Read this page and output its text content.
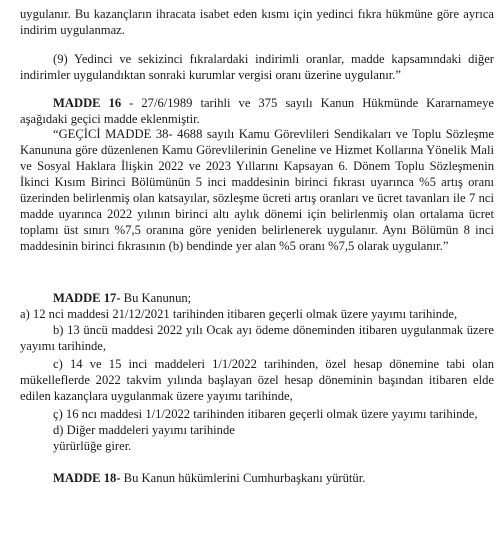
uygulanır. Bu kazançların ihracata isabet eden kısmı için yedinci fıkra hükmüne göre ayrıca indirim uygulanmaz.

(9) Yedinci ve sekizinci fıkralardaki indirimli oranlar, madde kapsamındaki diğer indirimler uygulandıktan sonraki kurumlar vergisi oranı üzerine uygulanır.”

MADDE 16 - 27/6/1989 tarihli ve 375 sayılı Kanun Hükmünde Kararnameye aşağıdaki geçici madde eklenmiştir.

“GEÇİCİ MADDE 38- 4688 sayılı Kamu Görevlileri Sendikaları ve Toplu Sözleşme Kanununa göre düzenlenen Kamu Görevlilerinin Geneline ve Hizmet Kollarına Yönelik Mali ve Sosyal Haklara İlişkin 2022 ve 2023 Yıllarını Kapsayan 6. Dönem Toplu Sözleşmenin İkinci Kısım Birinci Bölümünün 5 inci maddesinin birinci fıkrası uyarınca %5 artış oranı üzerinden belirlenmiş olan katsayılar, sözleşme ücreti artış oranları ve ücret tavanları ile 7 nci madde uyarınca 2022 yılının birinci altı aylık dönemi için belirlenmiş olan ortalama ücret toplamı üst sınırı %7,5 oranına göre yeniden belirlenerek uygulanır. Aynı Bölümün 8 inci maddesinin birinci fıkrasının (b) bendinde yer alan %5 oranı %7,5 olarak uygulanır.”

MADDE 17- Bu Kanunun;

a) 12 nci maddesi 21/12/2021 tarihinden itibaren geçerli olmak üzere yayımı tarihinde,

b) 13 üncü maddesi 2022 yılı Ocak ayı ödeme döneminden itibaren uygulanmak üzere yayımı tarihinde,

c) 14 ve 15 inci maddeleri 1/1/2022 tarihinden, özel hesap dönemine tabi olan mükelleflerde 2022 takvim yılında başlayan özel hesap döneminin başından itibaren elde edilen kazançlara uygulanmak üzere yayımı tarihinde,

ç) 16 ncı maddesi 1/1/2022 tarihinden itibaren geçerli olmak üzere yayımı tarihinde,

d) Diğer maddeleri yayımı tarihinde

yürürlüğe girer.

MADDE 18- Bu Kanun hükümlerini Cumhurbaşkanı yürütür.
